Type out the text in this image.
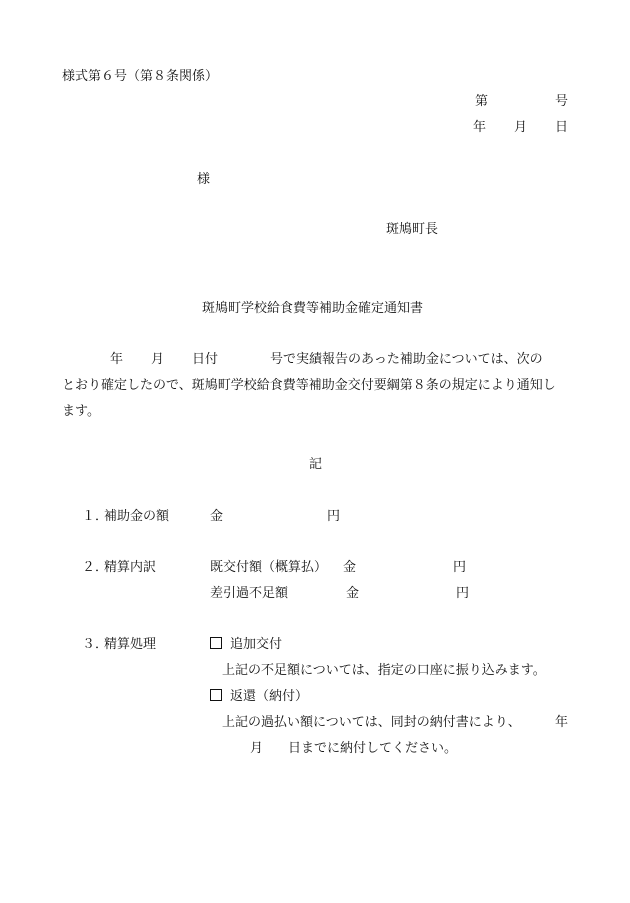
様式第６号（第８条関係）
第	号
年 月 日
様
斑鳩町長
斑鳩町学校給食費等補助金確定通知書
年 月 日付	号で実績報告のあった補助金については、次の
とおり確定したので、斑鳩町学校給食費等補助金交付要綱第８条の規定により通知し
ます。
記
１．
補助金の額	金	円
２．
精算内訳	既交付額（概算払） 金	円
差引過不足額	金	円
３．
精算処理	追加交付
上記の不足額については、指定の口座に振り込みます。
返還（納付）
上記の過払い額については、同封の納付書により、	年
月 日までに納付してください。
